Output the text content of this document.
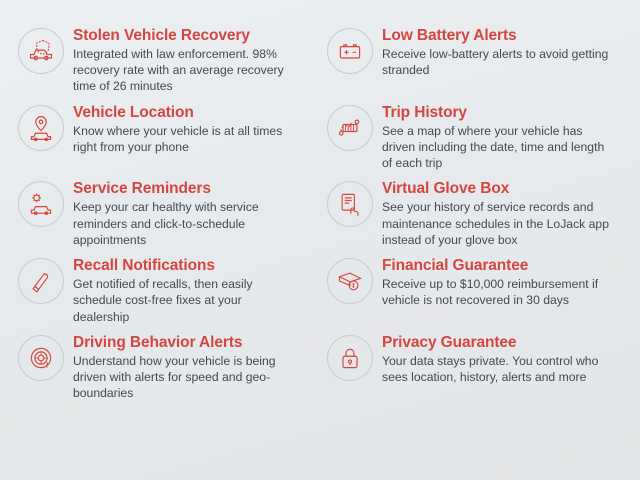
Stolen Vehicle Recovery

Integrated with law enforcement. 98% recovery rate with an average recovery time of 26 minutes

Low Battery Alerts

Receive low-battery alerts to avoid getting stranded

Vehicle Location

Know where your vehicle is at all times right from your phone

Trip History

See a map of where your vehicle has driven including the date, time and length of each trip

Service Reminders

Keep your car healthy with service reminders and click-to-schedule appointments

Virtual Glove Box

See your history of service records and maintenance schedules in the LoJack app instead of your glove box

Recall Notifications

Get notified of recalls, then easily schedule cost-free fixes at your dealership

Financial Guarantee

Receive up to $10,000 reimbursement if vehicle is not recovered in 30 days

Driving Behavior Alerts

Understand how your vehicle is being driven with alerts for speed and geo-boundaries

Privacy Guarantee

Your data stays private. You control who sees location, history, alerts and more
